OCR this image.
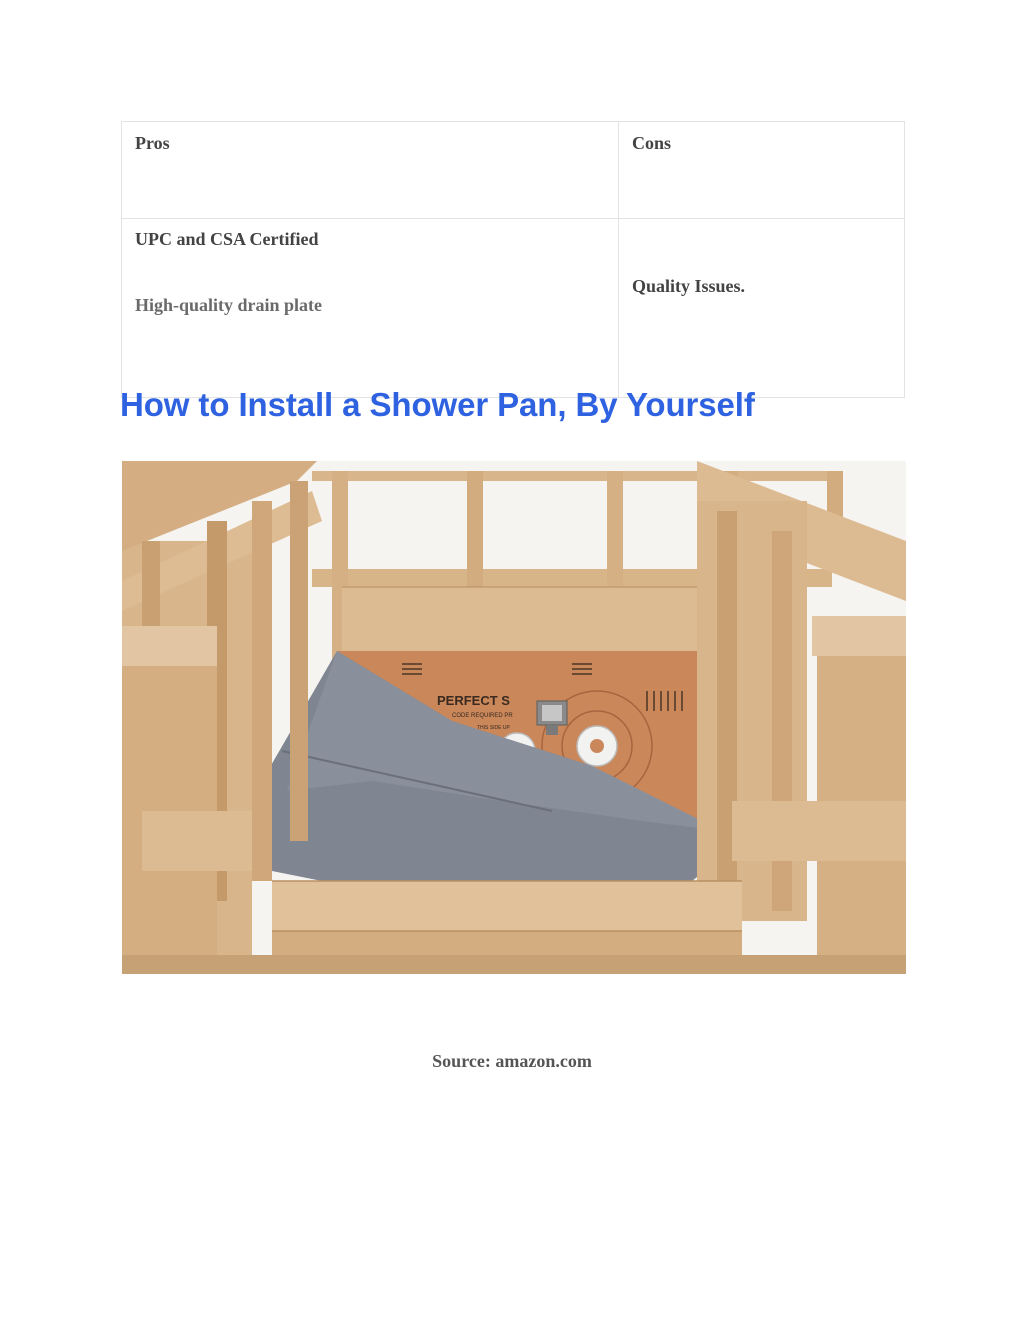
Pros	Cons

UPC and CSA Certified
High-quality drain plate	Quality Issues.
How to Install a Shower Pan, By Yourself
PERFECT S
CODE REQUIRED PR
THIS SIDE UP
Source: amazon.com
